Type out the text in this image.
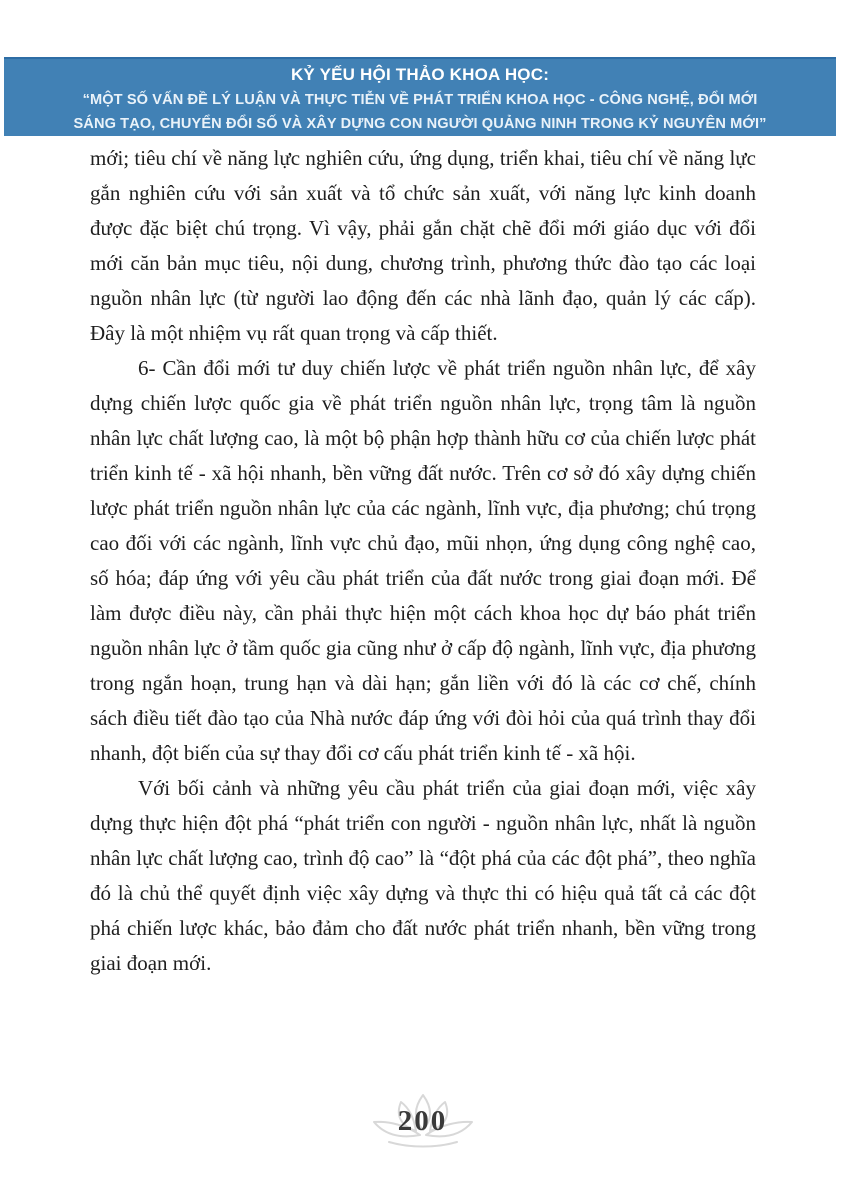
KỶ YẾU HỘI THẢO KHOA HỌC:
“MỘT SỐ VẤN ĐỀ LÝ LUẬN VÀ THỰC TIỄN VỀ PHÁT TRIỂN KHOA HỌC - CÔNG NGHỆ, ĐỔI MỚI
SÁNG TẠO, CHUYỂN ĐỔI SỐ VÀ XÂY DỰNG CON NGƯỜI QUẢNG NINH TRONG KỶ NGUYÊN MỚI”

mới; tiêu chí về năng lực nghiên cứu, ứng dụng, triển khai, tiêu chí về năng lực gắn nghiên cứu với sản xuất và tổ chức sản xuất, với năng lực kinh doanh được đặc biệt chú trọng. Vì vậy, phải gắn chặt chẽ đổi mới giáo dục với đổi mới căn bản mục tiêu, nội dung, chương trình, phương thức đào tạo các loại nguồn nhân lực (từ người lao động đến các nhà lãnh đạo, quản lý các cấp). Đây là một nhiệm vụ rất quan trọng và cấp thiết.

6- Cần đổi mới tư duy chiến lược về phát triển nguồn nhân lực, để xây dựng chiến lược quốc gia về phát triển nguồn nhân lực, trọng tâm là nguồn nhân lực chất lượng cao, là một bộ phận hợp thành hữu cơ của chiến lược phát triển kinh tế - xã hội nhanh, bền vững đất nước. Trên cơ sở đó xây dựng chiến lược phát triển nguồn nhân lực của các ngành, lĩnh vực, địa phương; chú trọng cao đối với các ngành, lĩnh vực chủ đạo, mũi nhọn, ứng dụng công nghệ cao, số hóa; đáp ứng với yêu cầu phát triển của đất nước trong giai đoạn mới. Để làm được điều này, cần phải thực hiện một cách khoa học dự báo phát triển nguồn nhân lực ở tầm quốc gia cũng như ở cấp độ ngành, lĩnh vực, địa phương trong ngắn hoạn, trung hạn và dài hạn; gắn liền với đó là các cơ chế, chính sách điều tiết đào tạo của Nhà nước đáp ứng với đòi hỏi của quá trình thay đổi nhanh, đột biến của sự thay đổi cơ cấu phát triển kinh tế - xã hội.

Với bối cảnh và những yêu cầu phát triển của giai đoạn mới, việc xây dựng thực hiện đột phá “phát triển con người - nguồn nhân lực, nhất là nguồn nhân lực chất lượng cao, trình độ cao” là “đột phá của các đột phá”, theo nghĩa đó là chủ thể quyết định việc xây dựng và thực thi có hiệu quả tất cả các đột phá chiến lược khác, bảo đảm cho đất nước phát triển nhanh, bền vững trong giai đoạn mới.

200
